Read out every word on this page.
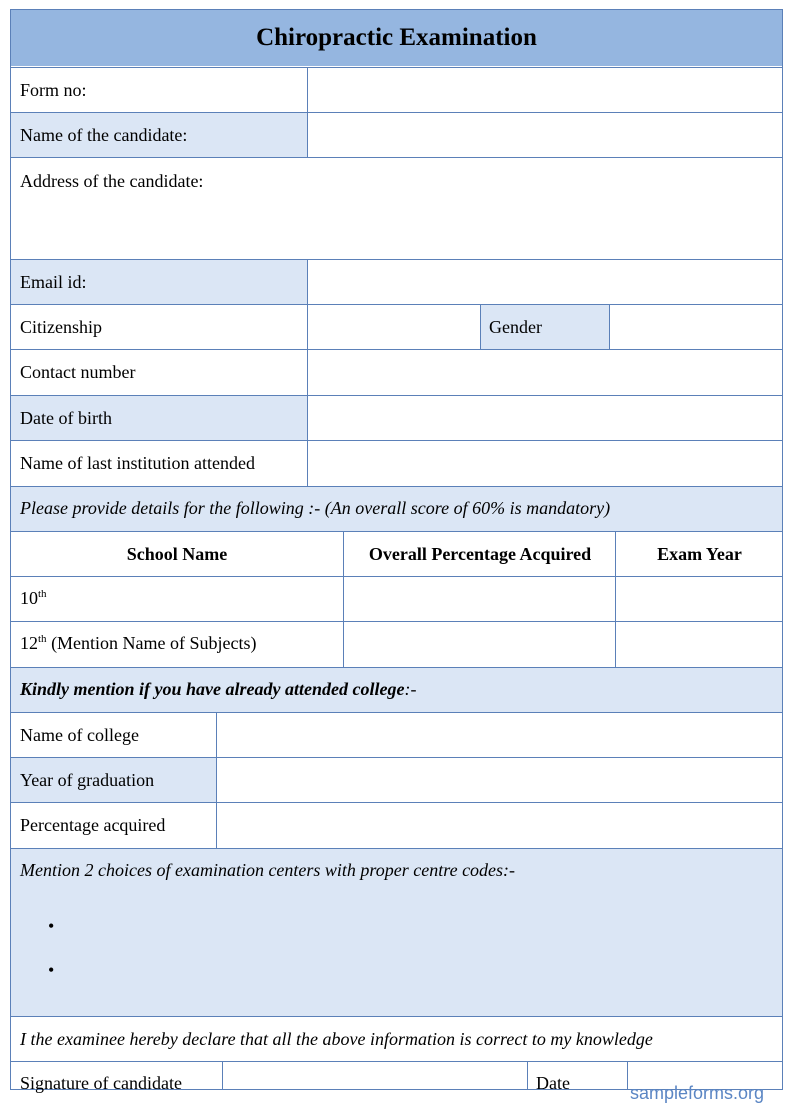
Chiropractic Examination
Form no:
Name of the candidate:
Address of the candidate:
Email id:
Citizenship	Gender
Contact number
Date of birth
Name of last institution attended
Please provide details for the following :- (An overall score of 60% is mandatory)
School Name	Overall Percentage Acquired	Exam Year
10th
12th (Mention Name of Subjects)
Kindly mention if you have already attended college:-
Name of college
Year of graduation
Percentage acquired
Mention 2 choices of examination centers with proper centre codes:-
•
•
I the examinee hereby declare that all the above information is correct to my knowledge
Signature of candidate	Date	sampleforms.org
